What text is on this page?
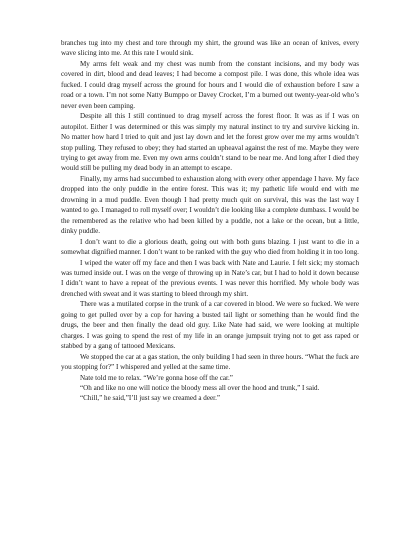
branches tug into my chest and tore through my shirt, the ground was like an ocean of knives, every wave slicing into me. At this rate I would sink.

My arms felt weak and my chest was numb from the constant incisions, and my body was covered in dirt, blood and dead leaves; I had become a compost pile. I was done, this whole idea was fucked. I could drag myself across the ground for hours and I would die of exhaustion before I saw a road or a town. I’m not some Natty Bumppo or Davey Crocket, I’m a burned out twenty-year-old who’s never even been camping.

Despite all this I still continued to drag myself across the forest floor. It was as if I was on autopilot. Either I was determined or this was simply my natural instinct to try and survive kicking in. No matter how hard I tried to quit and just lay down and let the forest grow over me my arms wouldn’t stop pulling. They refused to obey; they had started an upheaval against the rest of me. Maybe they were trying to get away from me. Even my own arms couldn’t stand to be near me. And long after I died they would still be pulling my dead body in an attempt to escape.

Finally, my arms had succumbed to exhaustion along with every other appendage I have. My face dropped into the only puddle in the entire forest. This was it; my pathetic life would end with me drowning in a mud puddle. Even though I had pretty much quit on survival, this was the last way I wanted to go. I managed to roll myself over; I wouldn’t die looking like a complete dumbass. I would be the remembered as the relative who had been killed by a puddle, not a lake or the ocean, but a little, dinky puddle.

I don’t want to die a glorious death, going out with both guns blazing. I just want to die in a somewhat dignified manner. I don’t want to be ranked with the guy who died from holding it in too long.

I wiped the water off my face and then I was back with Nate and Laurie. I felt sick; my stomach was turned inside out. I was on the verge of throwing up in Nate’s car, but I had to hold it down because I didn’t want to have a repeat of the previous events. I was never this horrified. My whole body was drenched with sweat and it was starting to bleed through my shirt.

There was a mutilated corpse in the trunk of a car covered in blood. We were so fucked. We were going to get pulled over by a cop for having a busted tail light or something than he would find the drugs, the beer and then finally the dead old guy. Like Nate had said, we were looking at multiple charges. I was going to spend the rest of my life in an orange jumpsuit trying not to get ass raped or stabbed by a gang of tattooed Mexicans.

We stopped the car at a gas station, the only building I had seen in three hours. “What the fuck are you stopping for?” I whispered and yelled at the same time.

Nate told me to relax. “We’re gonna hose off the car.”

“Oh and like no one will notice the bloody mess all over the hood and trunk,” I said.

“Chill,” he said,”I’ll just say we creamed a deer.”
